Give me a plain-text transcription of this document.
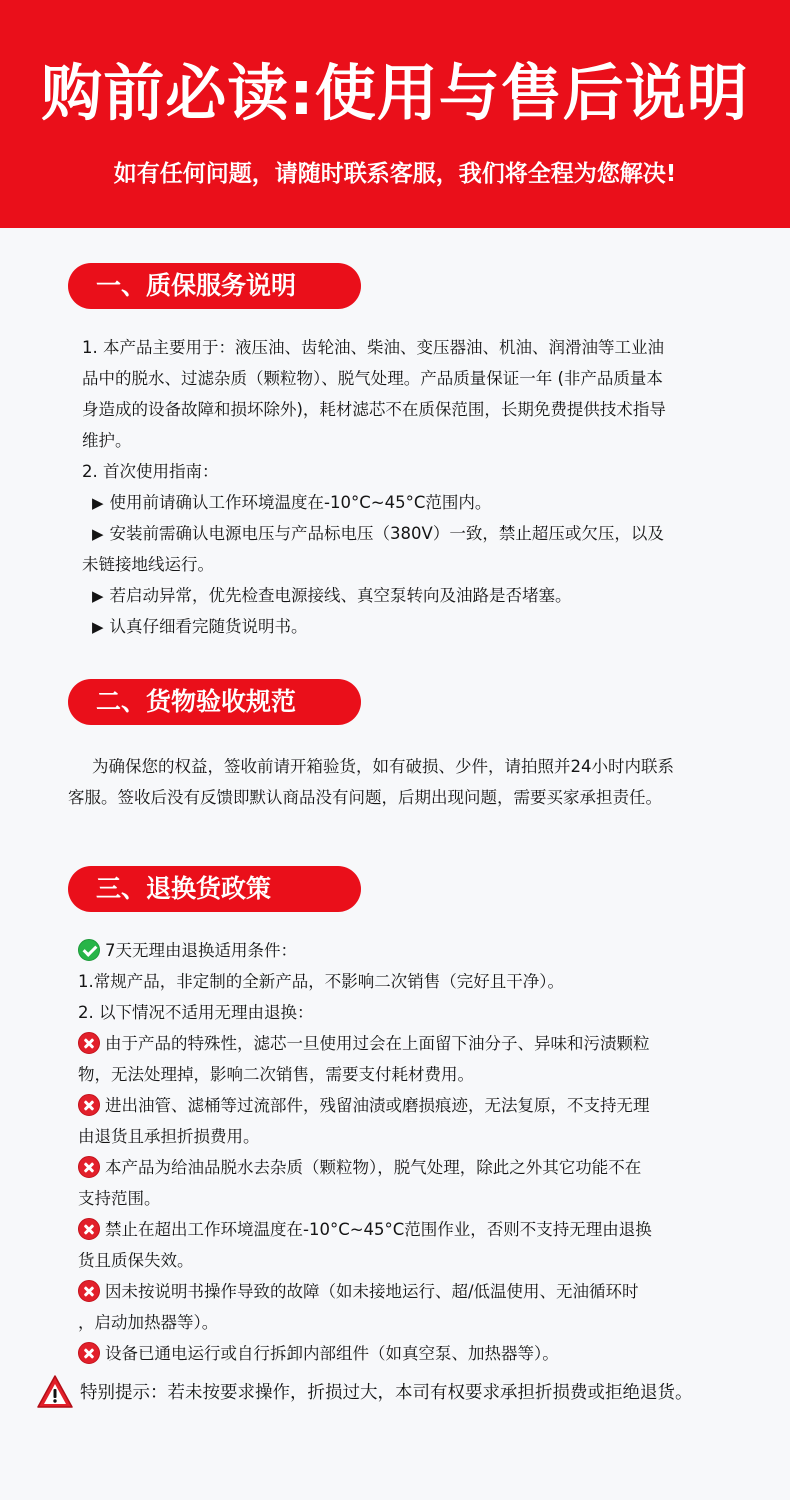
购前必读:使用与售后说明
如有任何问题，请随时联系客服，我们将全程为您解决!
一、质保服务说明
1. 本产品主要用于：液压油、齿轮油、柴油、变压器油、机油、润滑油等工业油
品中的脱水、过滤杂质（颗粒物）、脱气处理。产品质量保证一年 (非产品质量本
身造成的设备故障和损坏除外)，耗材滤芯不在质保范围，长期免费提供技术指导
维护。
2. 首次使用指南：
▶ 使用前请确认工作环境温度在-10°C~45°C范围内。
▶ 安装前需确认电源电压与产品标电压（380V）一致，禁止超压或欠压，以及
未链接地线运行。
▶ 若启动异常，优先检查电源接线、真空泵转向及油路是否堵塞。
▶ 认真仔细看完随货说明书。
二、货物验收规范
为确保您的权益，签收前请开箱验货，如有破损、少件，请拍照并24小时内联系
客服。签收后没有反馈即默认商品没有问题，后期出现问题，需要买家承担责任。
三、退换货政策
7天无理由退换适用条件：
1.常规产品，非定制的全新产品，不影响二次销售（完好且干净）。
2. 以下情况不适用无理由退换：
由于产品的特殊性，滤芯一旦使用过会在上面留下油分子、异味和污渍颗粒
物，无法处理掉，影响二次销售，需要支付耗材费用。
进出油管、滤桶等过流部件，残留油渍或磨损痕迹，无法复原，不支持无理
由退货且承担折损费用。
本产品为给油品脱水去杂质（颗粒物），脱气处理，除此之外其它功能不在
支持范围。
禁止在超出工作环境温度在-10°C~45°C范围作业，否则不支持无理由退换
货且质保失效。
因未按说明书操作导致的故障（如未接地运行、超/低温使用、无油循环时
，启动加热器等）。
设备已通电运行或自行拆卸内部组件（如真空泵、加热器等）。
特别提示：若未按要求操作，折损过大，本司有权要求承担折损费或拒绝退货。
